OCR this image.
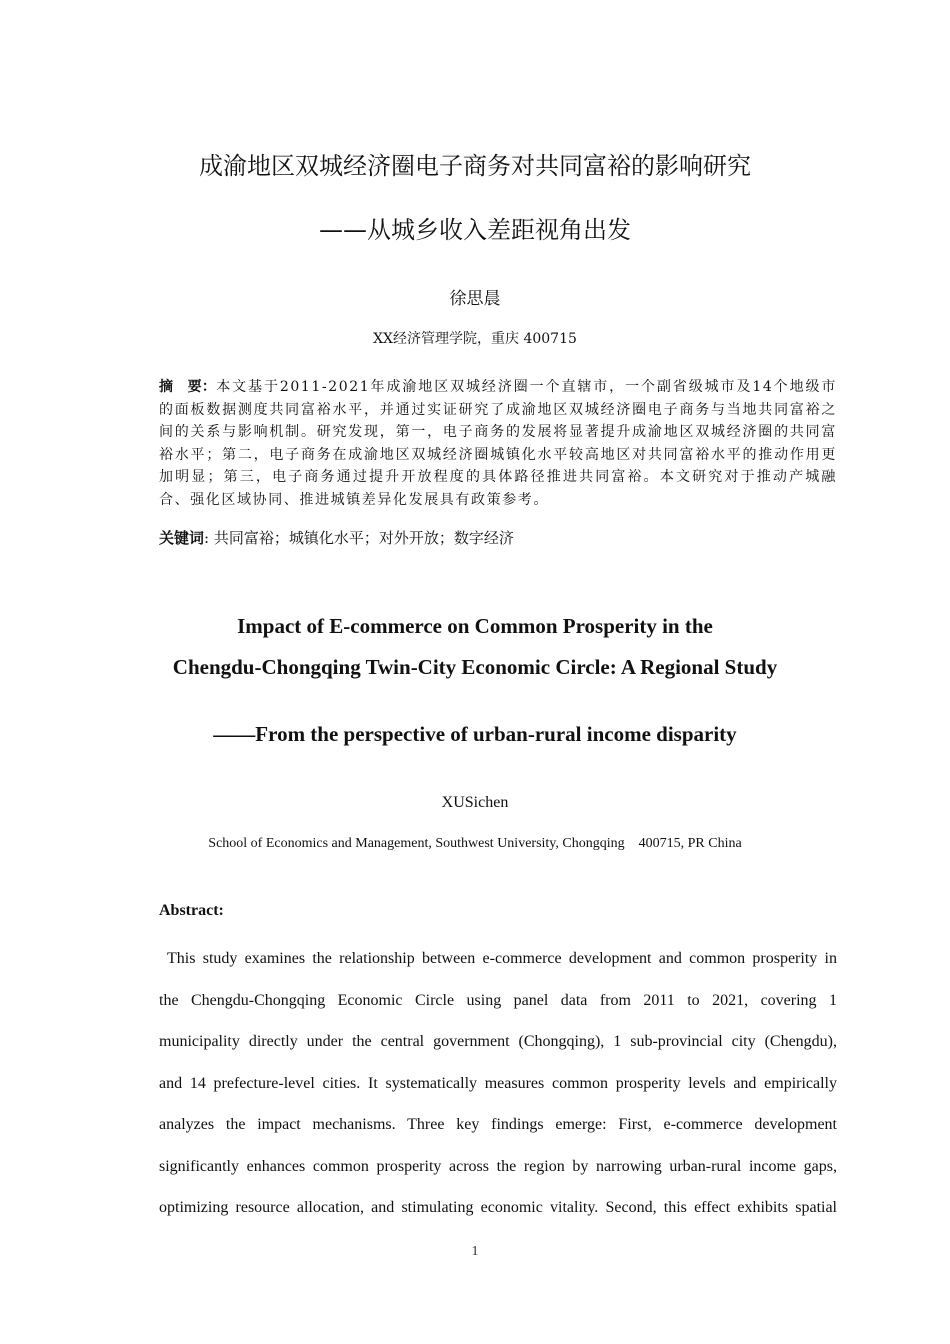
成渝地区双城经济圈电子商务对共同富裕的影响研究
——从城乡收入差距视角出发
徐思晨
XX经济管理学院，重庆 400715
摘　要：本文基于2011-2021年成渝地区双城经济圈一个直辖市，一个副省级城市及14个地级市的面板数据测度共同富裕水平，并通过实证研究了成渝地区双城经济圈电子商务与当地共同富裕之间的关系与影响机制。研究发现，第一，电子商务的发展将显著提升成渝地区双城经济圈的共同富裕水平；第二，电子商务在成渝地区双城经济圈城镇化水平较高地区对共同富裕水平的推动作用更加明显；第三，电子商务通过提升开放程度的具体路径推进共同富裕。本文研究对于推动产城融合、强化区域协同、推进城镇差异化发展具有政策参考。
关键词: 共同富裕；城镇化水平；对外开放；数字经济
Impact of E-commerce on Common Prosperity in the
Chengdu-Chongqing Twin-City Economic Circle: A Regional Study
——From the perspective of urban-rural income disparity
XUSichen
School of Economics and Management, Southwest University, Chongqing    400715, PR China
Abstract:
This study examines the relationship between e-commerce development and common prosperity in
the Chengdu-Chongqing Economic Circle using panel data from 2011 to 2021, covering 1
municipality directly under the central government (Chongqing), 1 sub-provincial city (Chengdu),
and 14 prefecture-level cities. It systematically measures common prosperity levels and empirically
analyzes the impact mechanisms. Three key findings emerge: First, e-commerce development
significantly enhances common prosperity across the region by narrowing urban-rural income gaps,
optimizing resource allocation, and stimulating economic vitality. Second, this effect exhibits spatial
1
